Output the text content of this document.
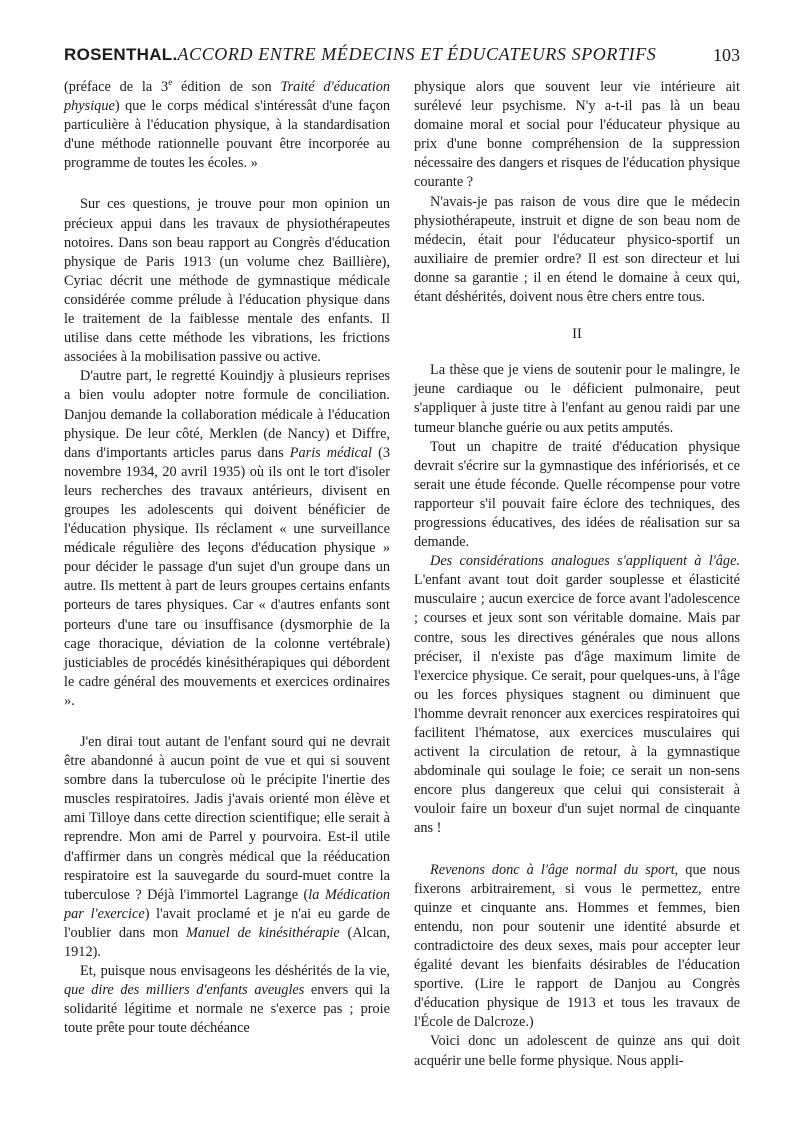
ROSENTHAL.ACCORD ENTRE MÉDECINS ET ÉDUCATEURS SPORTIFS	103

(préface de la 3e édition de son Traité d'éducation physique) que le corps médical s'intéressât d'une façon particulière à l'éducation physique, à la standardisation d'une méthode rationnelle pouvant être incorporée au programme de toutes les écoles. »

Sur ces questions, je trouve pour mon opinion un précieux appui dans les travaux de physiothérapeutes notoires. Dans son beau rapport au Congrès d'éducation physique de Paris 1913 (un volume chez Baillière), Cyriac décrit une méthode de gymnastique médicale considérée comme prélude à l'éducation physique dans le traitement de la faiblesse mentale des enfants. Il utilise dans cette méthode les vibrations, les frictions associées à la mobilisation passive ou active.

D'autre part, le regretté Kouindjy à plusieurs reprises a bien voulu adopter notre formule de conciliation. Danjou demande la collaboration médicale à l'éducation physique. De leur côté, Merklen (de Nancy) et Diffre, dans d'importants articles parus dans Paris médical (3 novembre 1934, 20 avril 1935) où ils ont le tort d'isoler leurs recherches des travaux antérieurs, divisent en groupes les adolescents qui doivent bénéficier de l'éducation physique. Ils réclament « une surveillance médicale régulière des leçons d'éducation physique » pour décider le passage d'un sujet d'un groupe dans un autre. Ils mettent à part de leurs groupes certains enfants porteurs de tares physiques. Car « d'autres enfants sont porteurs d'une tare ou insuffisance (dysmorphie de la cage thoracique, déviation de la colonne vertébrale) justiciables de procédés kinésithérapiques qui débordent le cadre général des mouvements et exercices ordinaires ».

J'en dirai tout autant de l'enfant sourd qui ne devrait être abandonné à aucun point de vue et qui si souvent sombre dans la tuberculose où le précipite l'inertie des muscles respiratoires. Jadis j'avais orienté mon élève et ami Tilloye dans cette direction scientifique; elle serait à reprendre. Mon ami de Parrel y pourvoira. Est-il utile d'affirmer dans un congrès médical que la rééducation respiratoire est la sauvegarde du sourd-muet contre la tuberculose ? Déjà l'immortel Lagrange (la Médication par l'exercice) l'avait proclamé et je n'ai eu garde de l'oublier dans mon Manuel de kinésithérapie (Alcan, 1912).

Et, puisque nous envisageons les déshérités de la vie, que dire des milliers d'enfants aveugles envers qui la solidarité légitime et normale ne s'exerce pas ; proie toute prête pour toute déchéance

physique alors que souvent leur vie intérieure ait surélevé leur psychisme. N'y a-t-il pas là un beau domaine moral et social pour l'éducateur physique au prix d'une bonne compréhension de la suppression nécessaire des dangers et risques de l'éducation physique courante ?

N'avais-je pas raison de vous dire que le médecin physiothérapeute, instruit et digne de son beau nom de médecin, était pour l'éducateur physico-sportif un auxiliaire de premier ordre? Il est son directeur et lui donne sa garantie ; il en étend le domaine à ceux qui, étant déshérités, doivent nous être chers entre tous.

II

La thèse que je viens de soutenir pour le malingre, le jeune cardiaque ou le déficient pulmonaire, peut s'appliquer à juste titre à l'enfant au genou raidi par une tumeur blanche guérie ou aux petits amputés.

Tout un chapitre de traité d'éducation physique devrait s'écrire sur la gymnastique des infériorisés, et ce serait une étude féconde. Quelle récompense pour votre rapporteur s'il pouvait faire éclore des techniques, des progressions éducatives, des idées de réalisation sur sa demande.

Des considérations analogues s'appliquent à l'âge. L'enfant avant tout doit garder souplesse et élasticité musculaire ; aucun exercice de force avant l'adolescence ; courses et jeux sont son véritable domaine. Mais par contre, sous les directives générales que nous allons préciser, il n'existe pas d'âge maximum limite de l'exercice physique. Ce serait, pour quelques-uns, à l'âge ou les forces physiques stagnent ou diminuent que l'homme devrait renoncer aux exercices respiratoires qui facilitent l'hématose, aux exercices musculaires qui activent la circulation de retour, à la gymnastique abdominale qui soulage le foie; ce serait un non-sens encore plus dangereux que celui qui consisterait à vouloir faire un boxeur d'un sujet normal de cinquante ans !

Revenons donc à l'âge normal du sport, que nous fixerons arbitrairement, si vous le permettez, entre quinze et cinquante ans. Hommes et femmes, bien entendu, non pour soutenir une identité absurde et contradictoire des deux sexes, mais pour accepter leur égalité devant les bienfaits désirables de l'éducation sportive. (Lire le rapport de Danjou au Congrès d'éducation physique de 1913 et tous les travaux de l'École de Dalcroze.)

Voici donc un adolescent de quinze ans qui doit acquérir une belle forme physique. Nous appli-
